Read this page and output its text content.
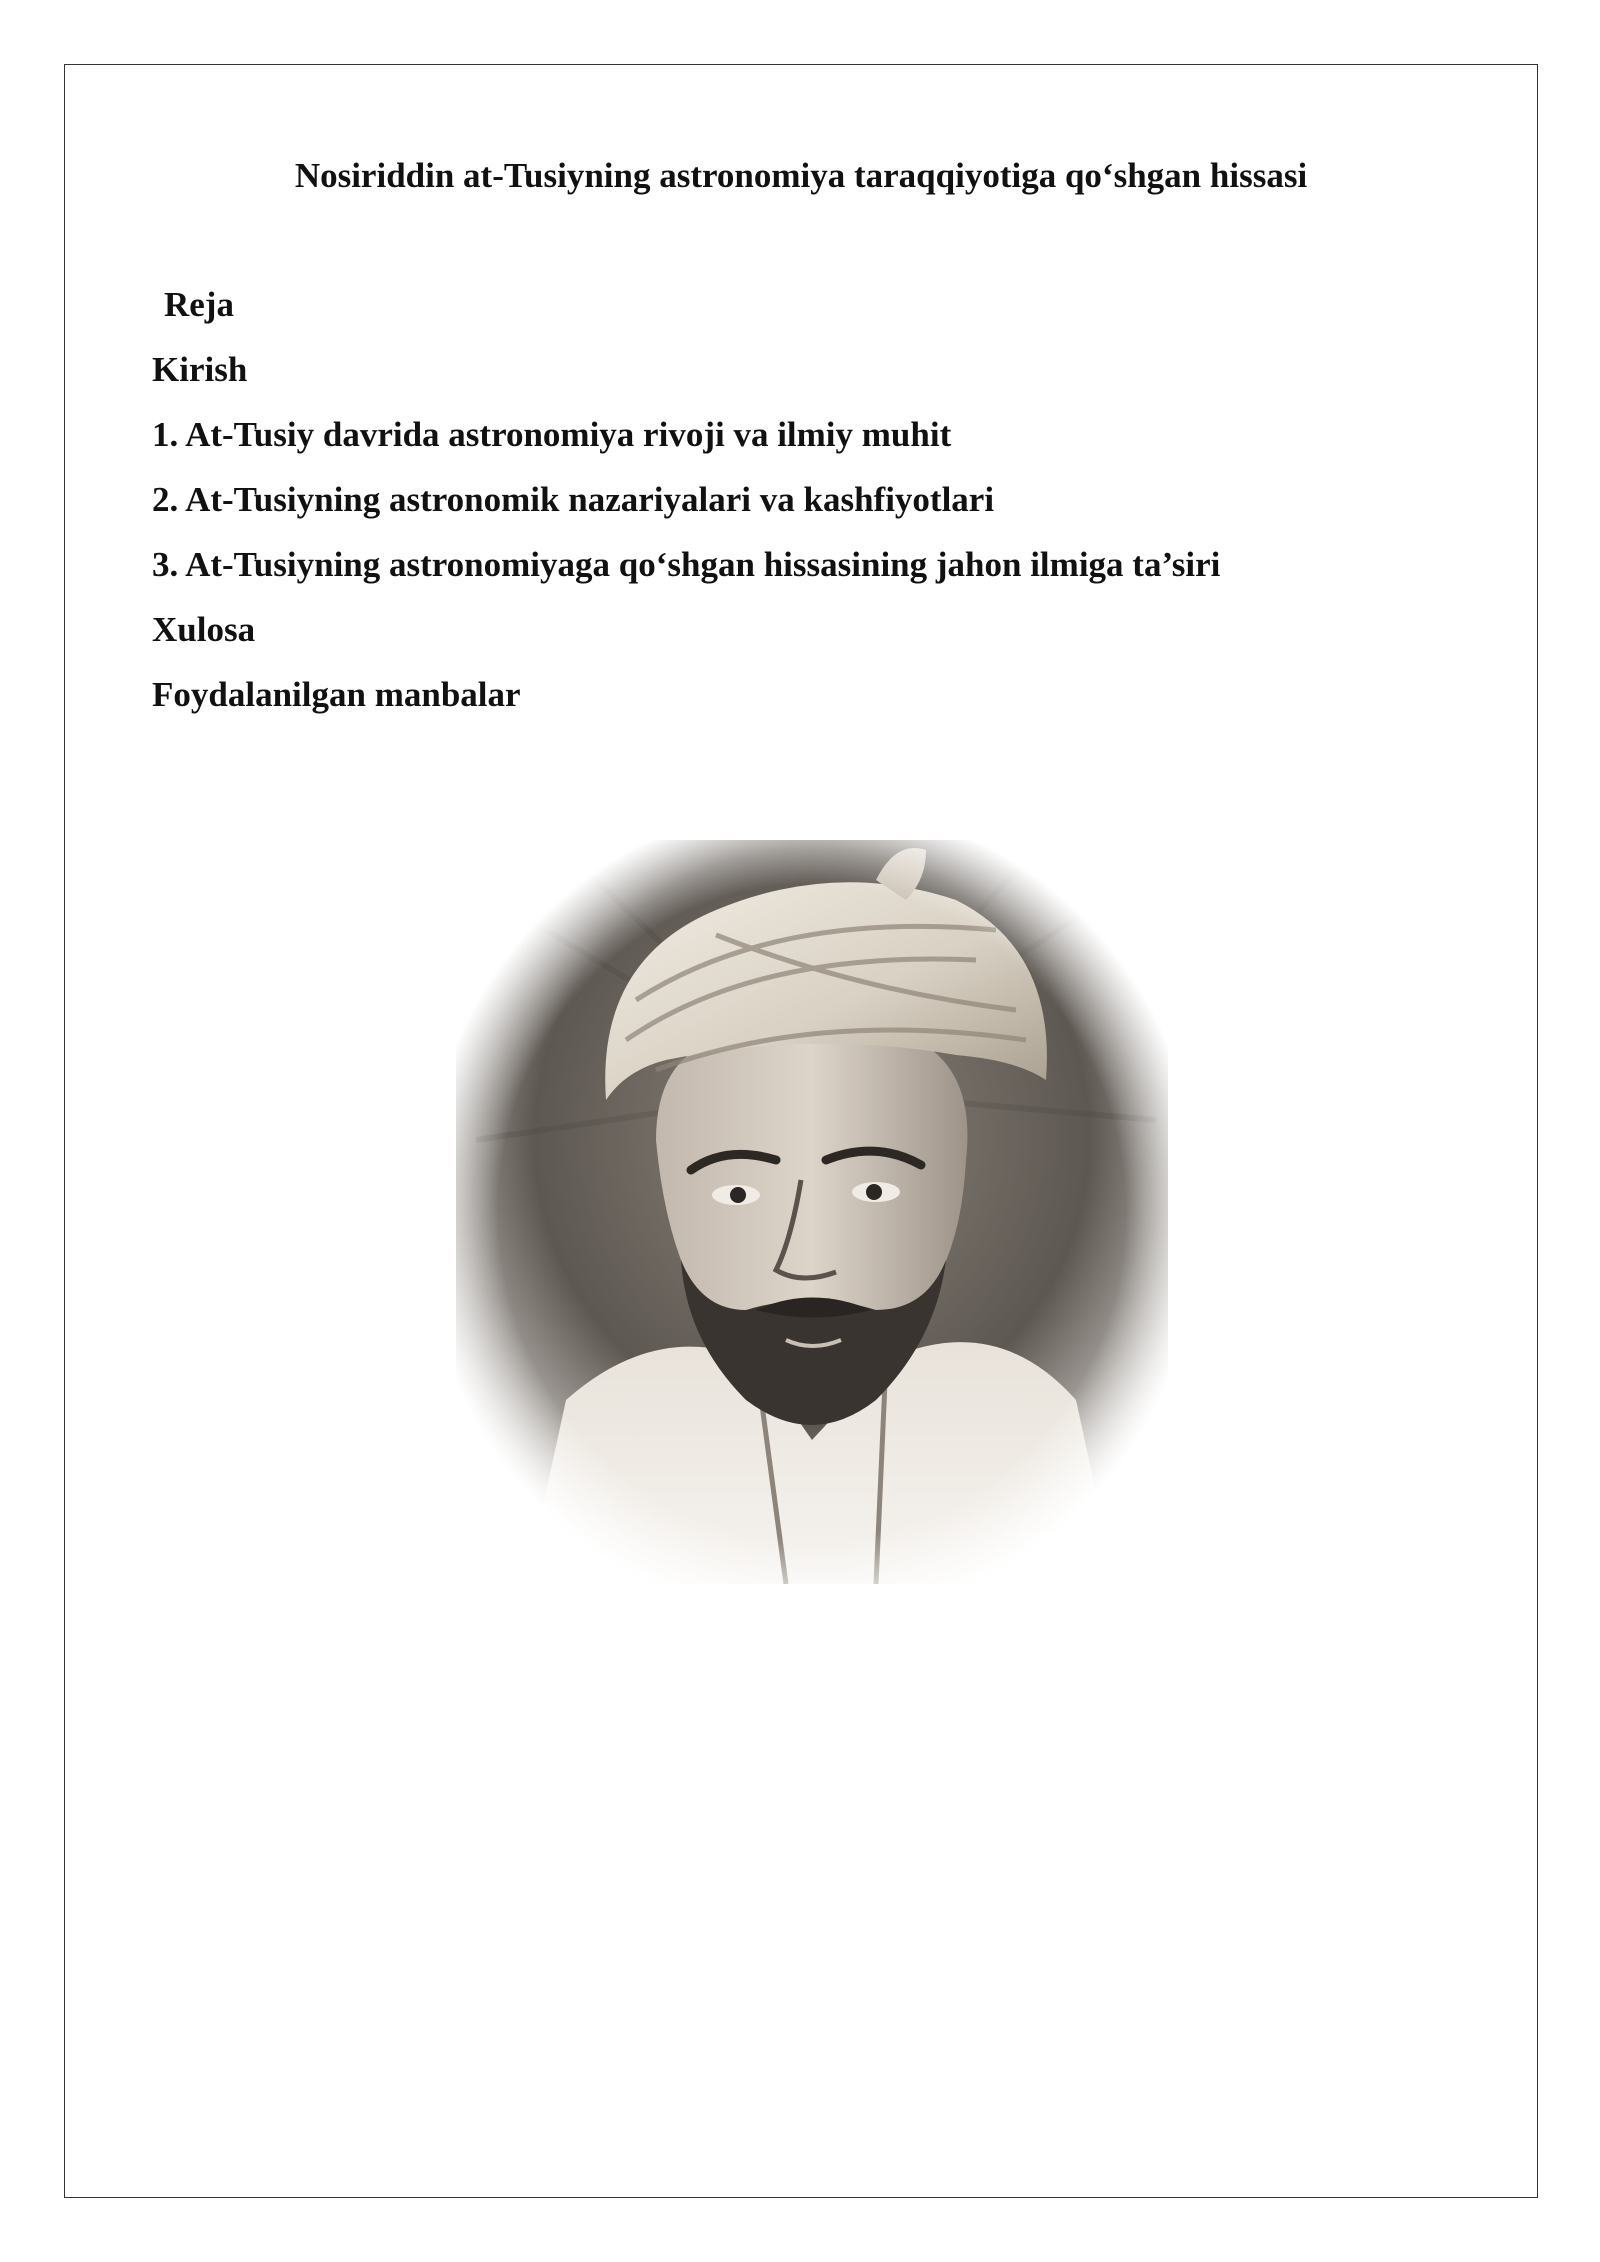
Nosiriddin at-Tusiyning astronomiya taraqqiyotiga qo‘shgan hissasi
Reja
Kirish
1. At-Tusiy davrida astronomiya rivoji va ilmiy muhit
2. At-Tusiyning astronomik nazariyalari va kashfiyotlari
3. At-Tusiyning astronomiyaga qo‘shgan hissasining jahon ilmiga ta’siri
Xulosa
Foydalanilgan manbalar
